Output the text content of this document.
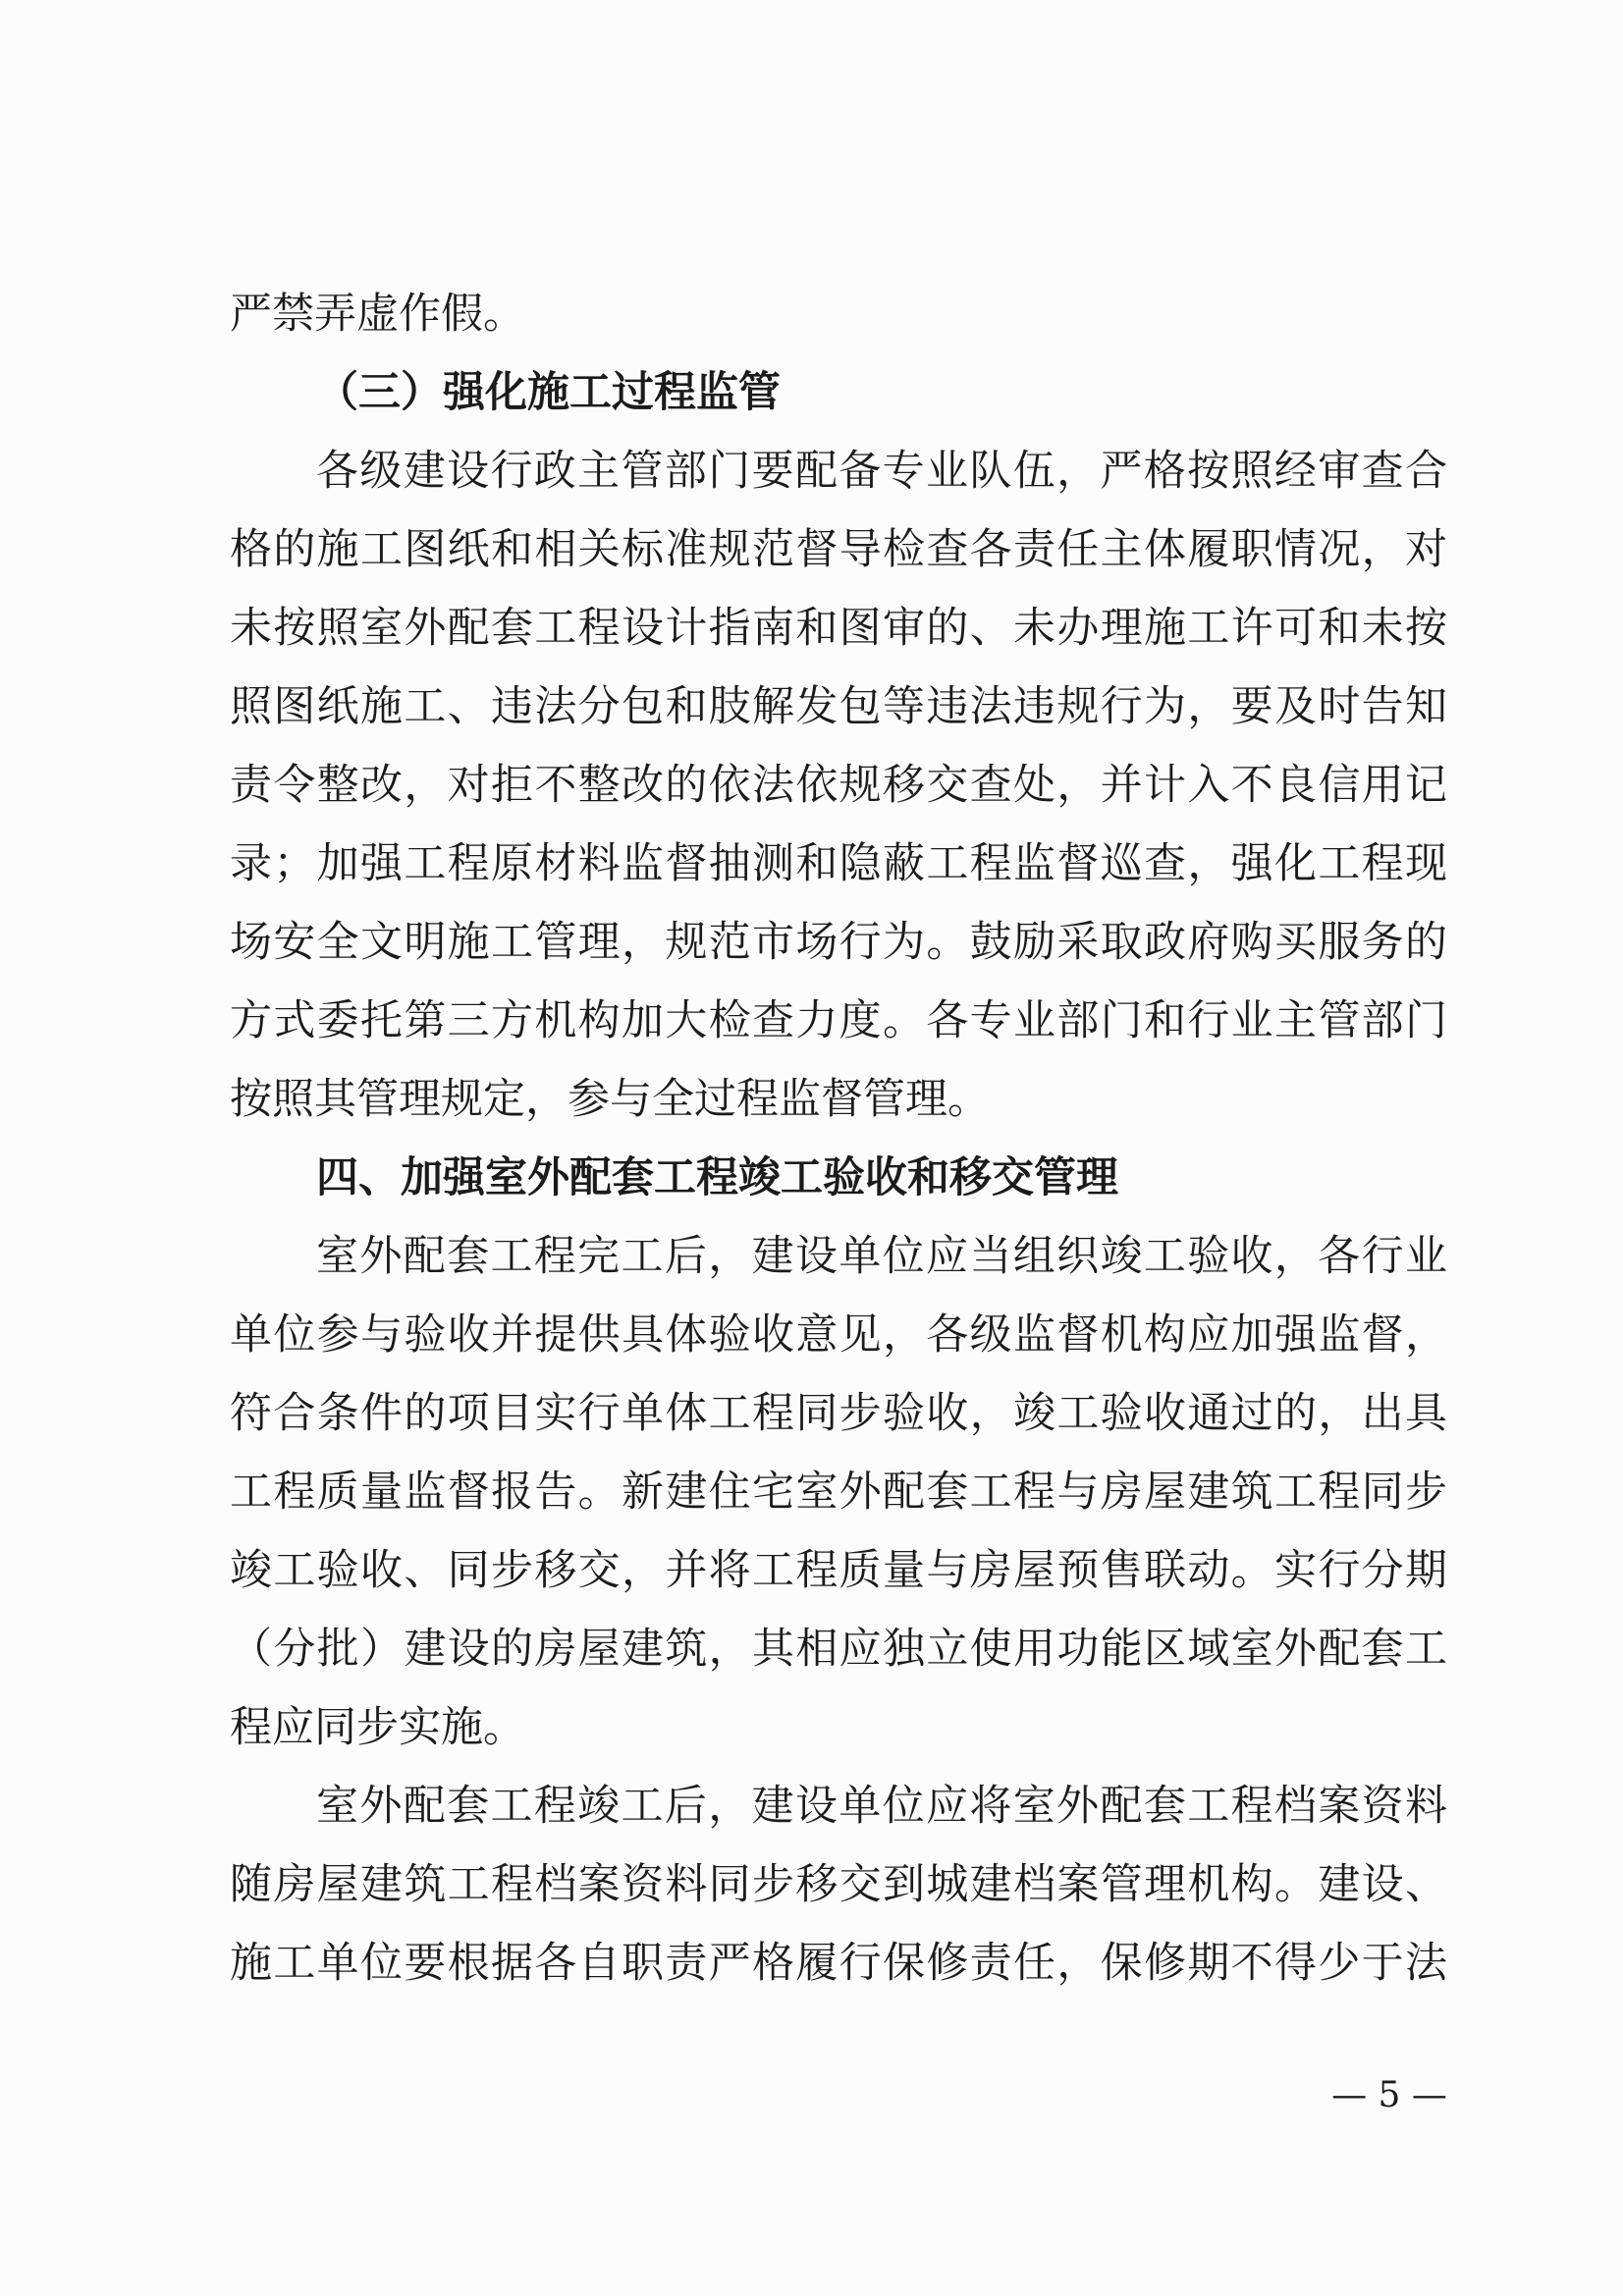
严禁弄虚作假。
（三）强化施工过程监管
各级建设行政主管部门要配备专业队伍，严格按照经审查合
格的施工图纸和相关标准规范督导检查各责任主体履职情况，对
未按照室外配套工程设计指南和图审的、未办理施工许可和未按
照图纸施工、违法分包和肢解发包等违法违规行为，要及时告知
责令整改，对拒不整改的依法依规移交查处，并计入不良信用记
录；加强工程原材料监督抽测和隐蔽工程监督巡查，强化工程现
场安全文明施工管理，规范市场行为。鼓励采取政府购买服务的
方式委托第三方机构加大检查力度。各专业部门和行业主管部门
按照其管理规定，参与全过程监督管理。
四、加强室外配套工程竣工验收和移交管理
室外配套工程完工后，建设单位应当组织竣工验收，各行业
单位参与验收并提供具体验收意见，各级监督机构应加强监督，
符合条件的项目实行单体工程同步验收，竣工验收通过的，出具
工程质量监督报告。新建住宅室外配套工程与房屋建筑工程同步
竣工验收、同步移交，并将工程质量与房屋预售联动。实行分期
（分批）建设的房屋建筑，其相应独立使用功能区域室外配套工
程应同步实施。
室外配套工程竣工后，建设单位应将室外配套工程档案资料
随房屋建筑工程档案资料同步移交到城建档案管理机构。建设、
施工单位要根据各自职责严格履行保修责任，保修期不得少于法
— 5 —
